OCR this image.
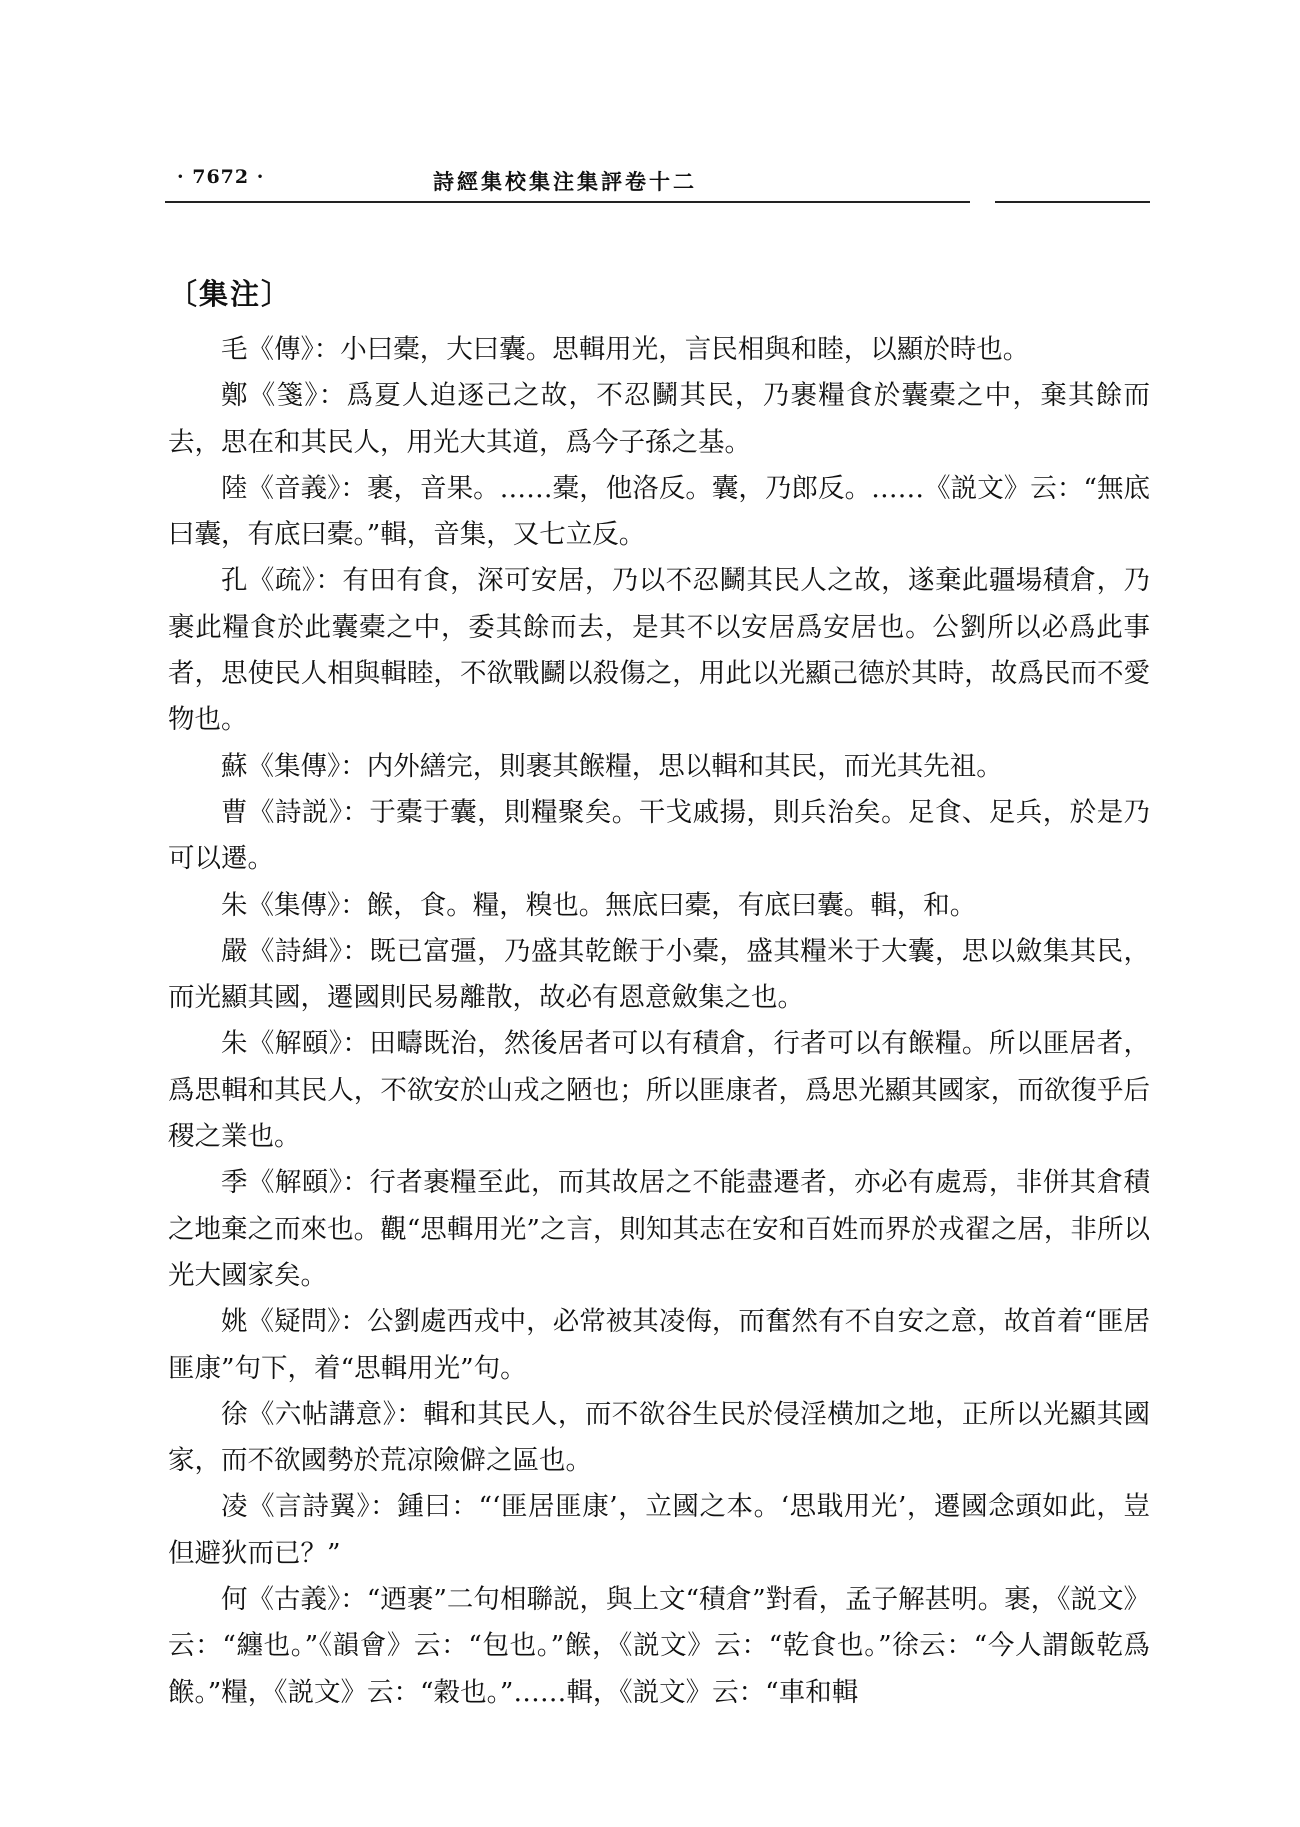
· 7672 ·	詩經集校集注集評卷十二
〔集注〕

毛《傳》：小曰橐，大曰囊。思輯用光，言民相與和睦，以顯於時也。

鄭《箋》：爲夏人迫逐己之故，不忍鬭其民，乃裹糧食於囊橐之中，棄其餘而去，思在和其民人，用光大其道，爲今子孫之基。

陸《音義》：裹，音果。……橐，他洛反。囊，乃郎反。……《説文》云：“無底曰囊，有底曰橐。”輯，音集，又七立反。

孔《疏》：有田有食，深可安居，乃以不忍鬭其民人之故，遂棄此疆場積倉，乃裹此糧食於此囊橐之中，委其餘而去，是其不以安居爲安居也。公劉所以必爲此事者，思使民人相與輯睦，不欲戰鬬以殺傷之，用此以光顯己德於其時，故爲民而不愛物也。

蘇《集傳》：内外繕完，則裹其餱糧，思以輯和其民，而光其先祖。

曹《詩説》：于橐于囊，則糧聚矣。干戈戚揚，則兵治矣。足食、足兵，於是乃可以遷。

朱《集傳》：餱，食。糧，糗也。無底曰橐，有底曰囊。輯，和。

嚴《詩緝》：既已富彊，乃盛其乾餱于小橐，盛其糧米于大囊，思以斂集其民，而光顯其國，遷國則民易離散，故必有恩意斂集之也。

朱《解頤》：田疇既治，然後居者可以有積倉，行者可以有餱糧。所以匪居者，爲思輯和其民人，不欲安於山戎之陋也；所以匪康者，爲思光顯其國家，而欲復乎后稷之業也。

季《解頤》：行者裹糧至此，而其故居之不能盡遷者，亦必有處焉，非併其倉積之地棄之而來也。觀“思輯用光”之言，則知其志在安和百姓而界於戎翟之居，非所以光大國家矣。

姚《疑問》：公劉處西戎中，必常被其凌侮，而奮然有不自安之意，故首着“匪居匪康”句下，着“思輯用光”句。

徐《六帖講意》：輯和其民人，而不欲谷生民於侵淫横加之地，正所以光顯其國家，而不欲國勢於荒凉險僻之區也。

凌《言詩翼》：鍾曰：“‘匪居匪康’，立國之本。‘思戢用光’，遷國念頭如此，豈但避狄而已？”

何《古義》：“迺裹”二句相聯説，與上文“積倉”對看，孟子解甚明。裹，《説文》云：“纏也。”《韻會》云：“包也。”餱，《説文》云：“乾食也。”徐云：“今人謂飯乾爲餱。”糧，《説文》云：“穀也。”……輯，《説文》云：“車和輯
